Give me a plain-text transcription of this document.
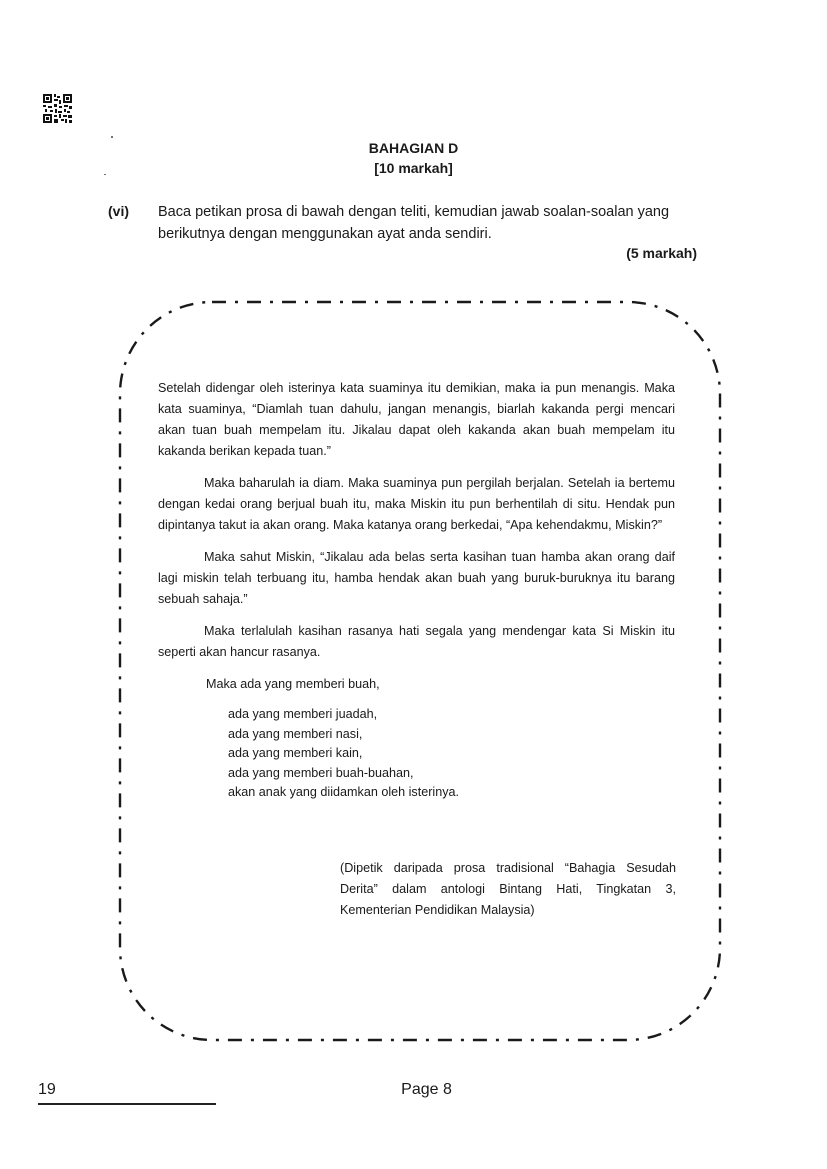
BAHAGIAN D
[10 markah]
(vi) Baca petikan prosa di bawah dengan teliti, kemudian jawab soalan-soalan yang berikutnya dengan menggunakan ayat anda sendiri.
(5 markah)

Setelah didengar oleh isterinya kata suaminya itu demikian, maka ia pun menangis. Maka kata suaminya, “Diamlah tuan dahulu, jangan menangis, biarlah kakanda pergi mencari akan tuan buah mempelam itu. Jikalau dapat oleh kakanda akan buah mempelam itu kakanda berikan kepada tuan.”

Maka baharulah ia diam. Maka suaminya pun pergilah berjalan. Setelah ia bertemu dengan kedai orang berjual buah itu, maka Miskin itu pun berhentilah di situ. Hendak pun dipintanya takut ia akan orang. Maka katanya orang berkedai, “Apa kehendakmu, Miskin?”

Maka sahut Miskin, “Jikalau ada belas serta kasihan tuan hamba akan orang daif lagi miskin telah terbuang itu, hamba hendak akan buah yang buruk-buruknya itu barang sebuah sahaja.”

Maka terlalulah kasihan rasanya hati segala yang mendengar kata Si Miskin itu seperti akan hancur rasanya.

Maka ada yang memberi buah,

ada yang memberi juadah,
ada yang memberi nasi,
ada yang memberi kain,
ada yang memberi buah-buahan,
akan anak yang diidamkan oleh isterinya.
(Dipetik daripada prosa tradisional “Bahagia Sesudah Derita” dalam antologi Bintang Hati, Tingkatan 3, Kementerian Pendidikan Malaysia)
19	Page 8
